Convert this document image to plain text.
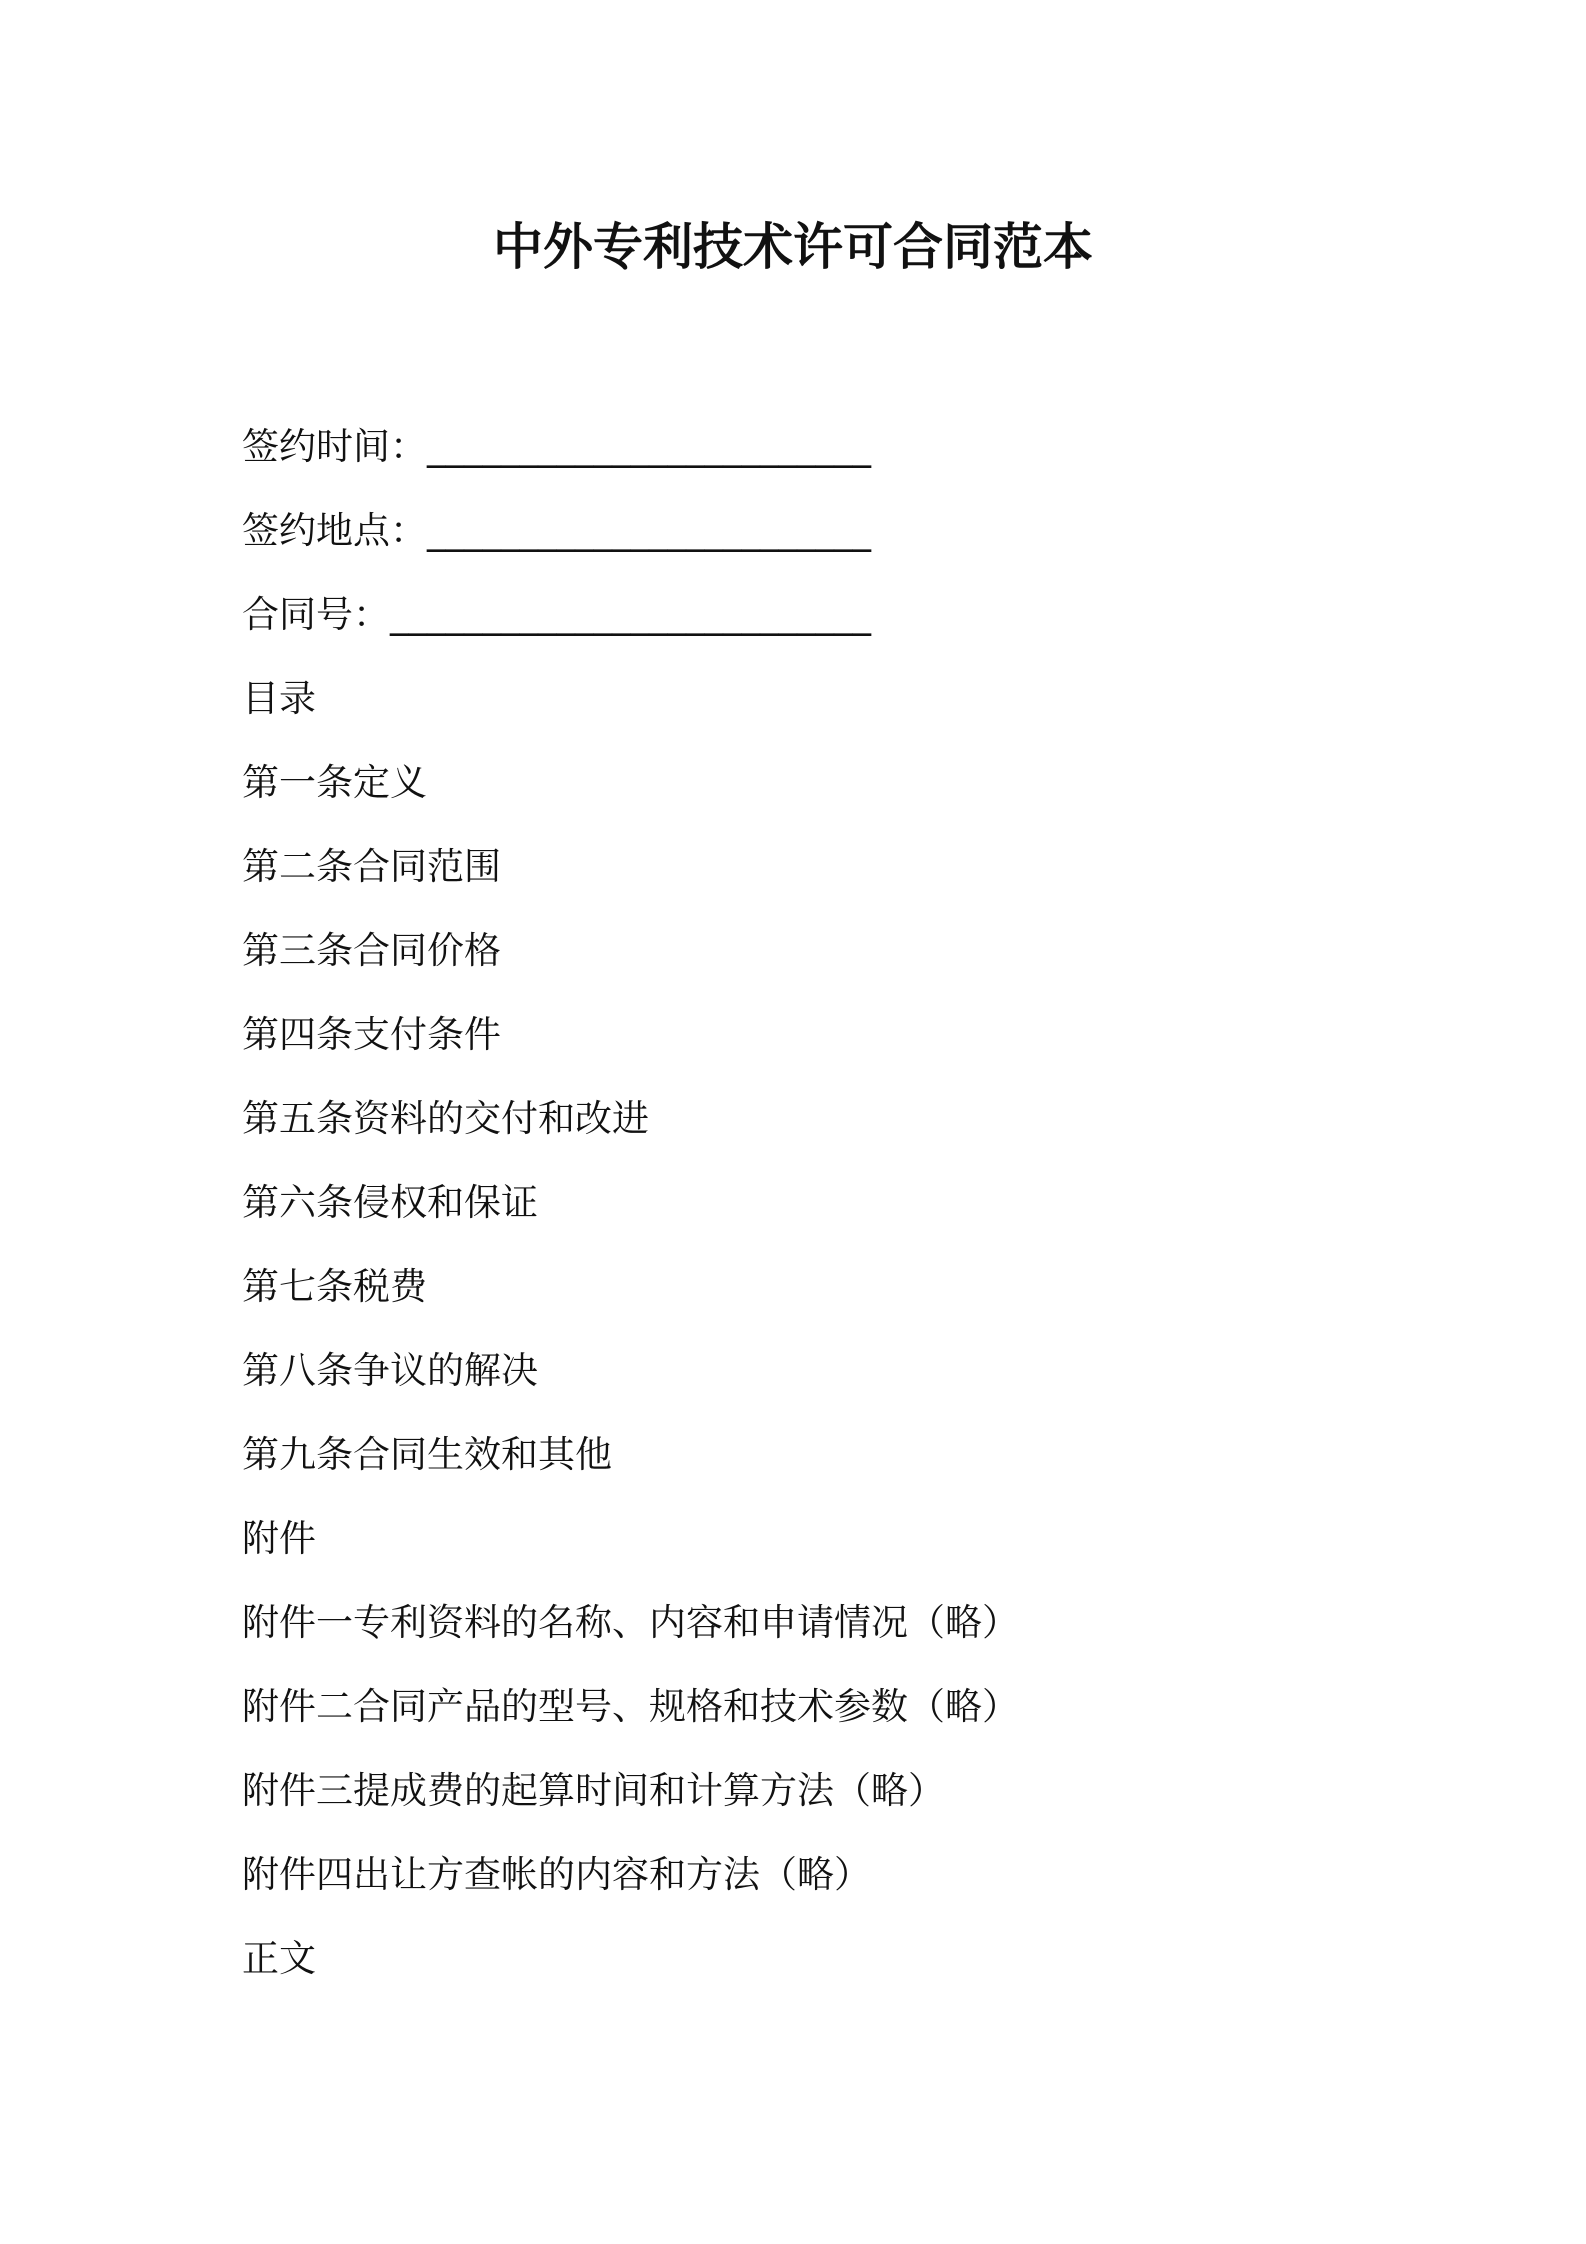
中外专利技术许可合同范本
签约时间：________________________
签约地点：________________________
合同号：__________________________
目录
第一条定义
第二条合同范围
第三条合同价格
第四条支付条件
第五条资料的交付和改进
第六条侵权和保证
第七条税费
第八条争议的解决
第九条合同生效和其他
附件
附件一专利资料的名称、内容和申请情况（略）
附件二合同产品的型号、规格和技术参数（略）
附件三提成费的起算时间和计算方法（略）
附件四出让方查帐的内容和方法（略）
正文
